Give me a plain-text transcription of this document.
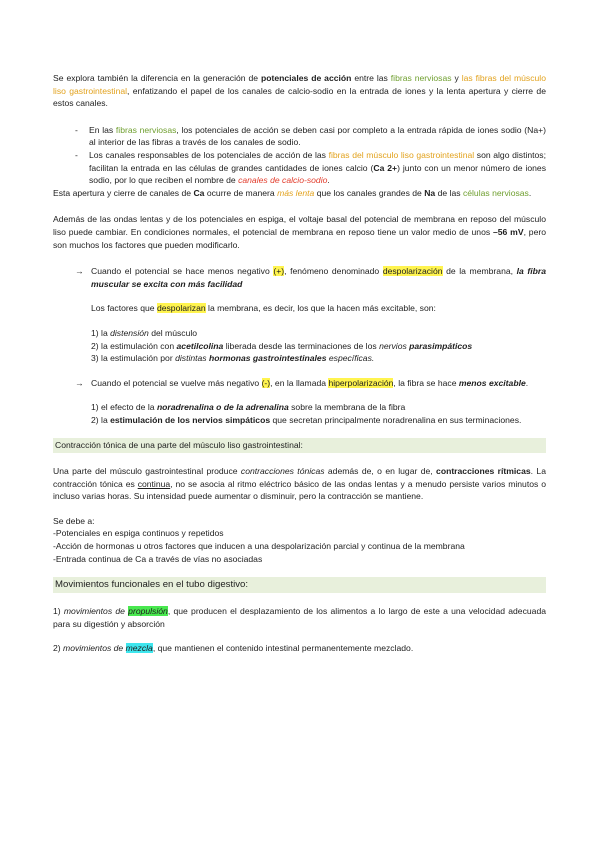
Se explora también la diferencia en la generación de potenciales de acción entre las fibras nerviosas y las fibras del músculo liso gastrointestinal, enfatizando el papel de los canales de calcio-sodio en la entrada de iones y la lenta apertura y cierre de estos canales.

- En las fibras nerviosas, los potenciales de acción se deben casi por completo a la entrada rápida de iones sodio (Na+) al interior de las fibras a través de los canales de sodio.
- Los canales responsables de los potenciales de acción de las fibras del músculo liso gastrointestinal son algo distintos; facilitan la entrada en las células de grandes cantidades de iones calcio (Ca 2+) junto con un menor número de iones sodio, por lo que reciben el nombre de canales de calcio-sodio.

Esta apertura y cierre de canales de Ca ocurre de manera más lenta que los canales grandes de Na de las células nerviosas.

Además de las ondas lentas y de los potenciales en espiga, el voltaje basal del potencial de membrana en reposo del músculo liso puede cambiar. En condiciones normales, el potencial de membrana en reposo tiene un valor medio de unos –56 mV, pero son muchos los factores que pueden modificarlo.

→ Cuando el potencial se hace menos negativo (+), fenómeno denominado despolarización de la membrana, la fibra muscular se excita con más facilidad

Los factores que despolarizan la membrana, es decir, los que la hacen más excitable, son:

1) la distensión del músculo

2) la estimulación con acetilcolina liberada desde las terminaciones de los nervios parasimpáticos

3) la estimulación por distintas hormonas gastrointestinales específicas.

→ Cuando el potencial se vuelve más negativo (-), en la llamada hiperpolarización, la fibra se hace menos excitable.

1) el efecto de la noradrenalina o de la adrenalina sobre la membrana de la fibra

2) la estimulación de los nervios simpáticos que secretan principalmente noradrenalina en sus terminaciones.

Contracción tónica de una parte del músculo liso gastrointestinal:

Una parte del músculo gastrointestinal produce contracciones tónicas además de, o en lugar de, contracciones rítmicas. La contracción tónica es continua, no se asocia al ritmo eléctrico básico de las ondas lentas y a menudo persiste varios minutos o incluso varias horas. Su intensidad puede aumentar o disminuir, pero la contracción se mantiene.

Se debe a:

-Potenciales en espiga continuos y repetidos

-Acción de hormonas u otros factores que inducen a una despolarización parcial y continua de la membrana

-Entrada continua de Ca a través de vías no asociadas

Movimientos funcionales en el tubo digestivo:

1) movimientos de propulsión, que producen el desplazamiento de los alimentos a lo largo de este a una velocidad adecuada para su digestión y absorción

2) movimientos de mezcla, que mantienen el contenido intestinal permanentemente mezclado.
